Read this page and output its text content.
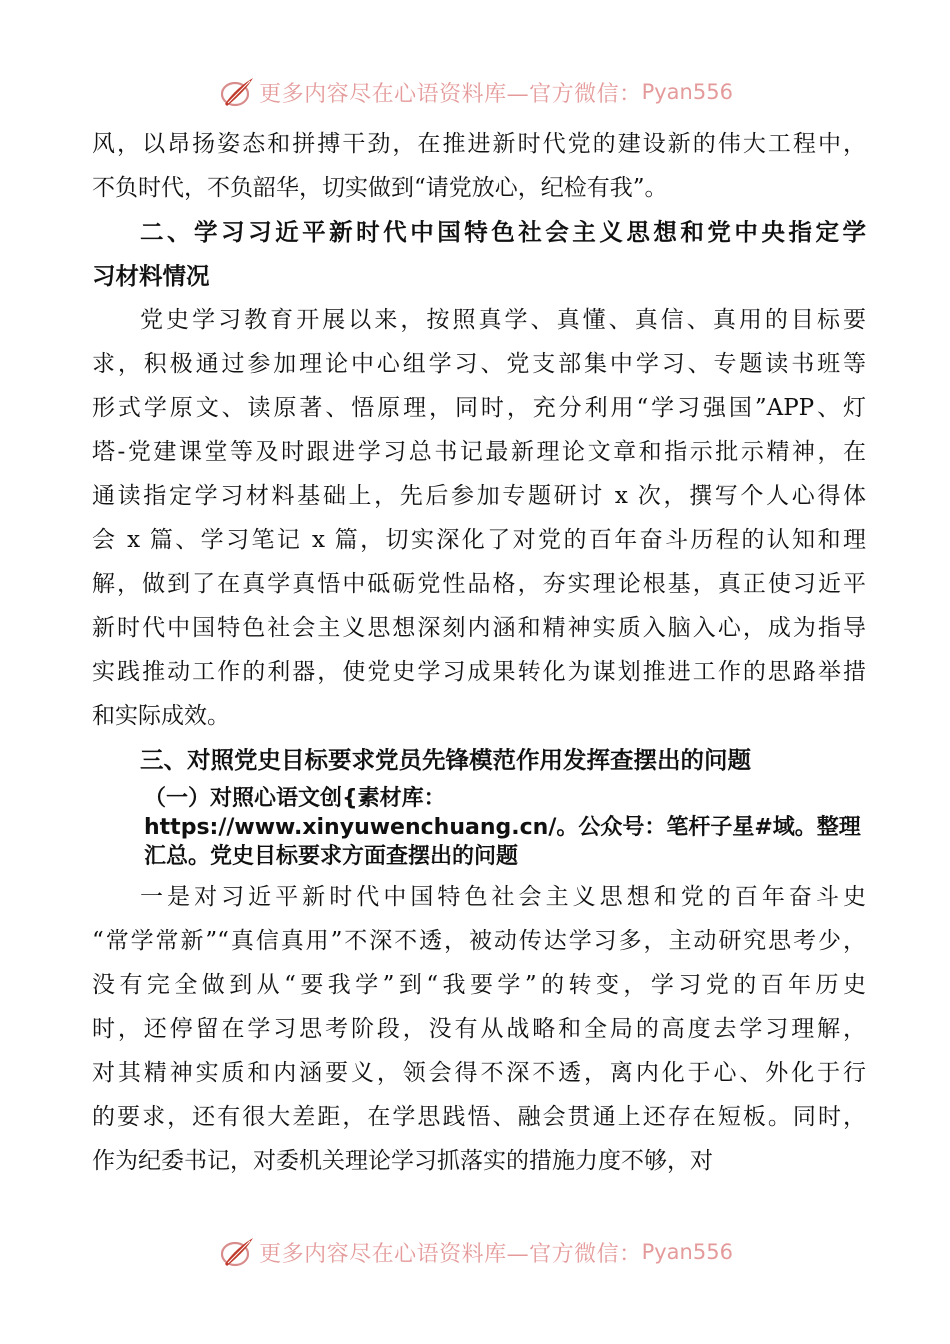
更多内容尽在心语资料库—官方微信： Pyan556
风，以昂扬姿态和拼搏干劲，在推进新时代党的建设新的伟大工程中，
不负时代，不负韶华，切实做到“请党放心，纪检有我”。
二、学习习近平新时代中国特色社会主义思想和党中央指定学
习材料情况
党史学习教育开展以来，按照真学、真懂、真信、真用的目标要
求，积极通过参加理论中心组学习、党支部集中学习、专题读书班等
形式学原文、读原著、悟原理，同时，充分利用“学习强国”APP、灯
塔-党建课堂等及时跟进学习总书记最新理论文章和指示批示精神，在
通读指定学习材料基础上，先后参加专题研讨 x 次，撰写个人心得体
会 x 篇、学习笔记 x 篇，切实深化了对党的百年奋斗历程的认知和理
解，做到了在真学真悟中砥砺党性品格，夯实理论根基，真正使习近平
新时代中国特色社会主义思想深刻内涵和精神实质入脑入心，成为指导
实践推动工作的利器，使党史学习成果转化为谋划推进工作的思路举措
和实际成效。
三、对照党史目标要求党员先锋模范作用发挥查摆出的问题
（一）对照心语文创{素材库：https://www.xinyuwenchuang.cn/。公众号：笔杆子星#域。整理汇总。党史目标要求方面查摆出的问题
一是对习近平新时代中国特色社会主义思想和党的百年奋斗史
“常学常新”“真信真用”不深不透，被动传达学习多，主动研究思考少，
没有完全做到从“要我学”到“我要学”的转变，学习党的百年历史
时，还停留在学习思考阶段，没有从战略和全局的高度去学习理解，
对其精神实质和内涵要义，领会得不深不透，离内化于心、外化于行
的要求，还有很大差距，在学思践悟、融会贯通上还存在短板。同时，
作为纪委书记，对委机关理论学习抓落实的措施力度不够，对
更多内容尽在心语资料库—官方微信： Pyan556
